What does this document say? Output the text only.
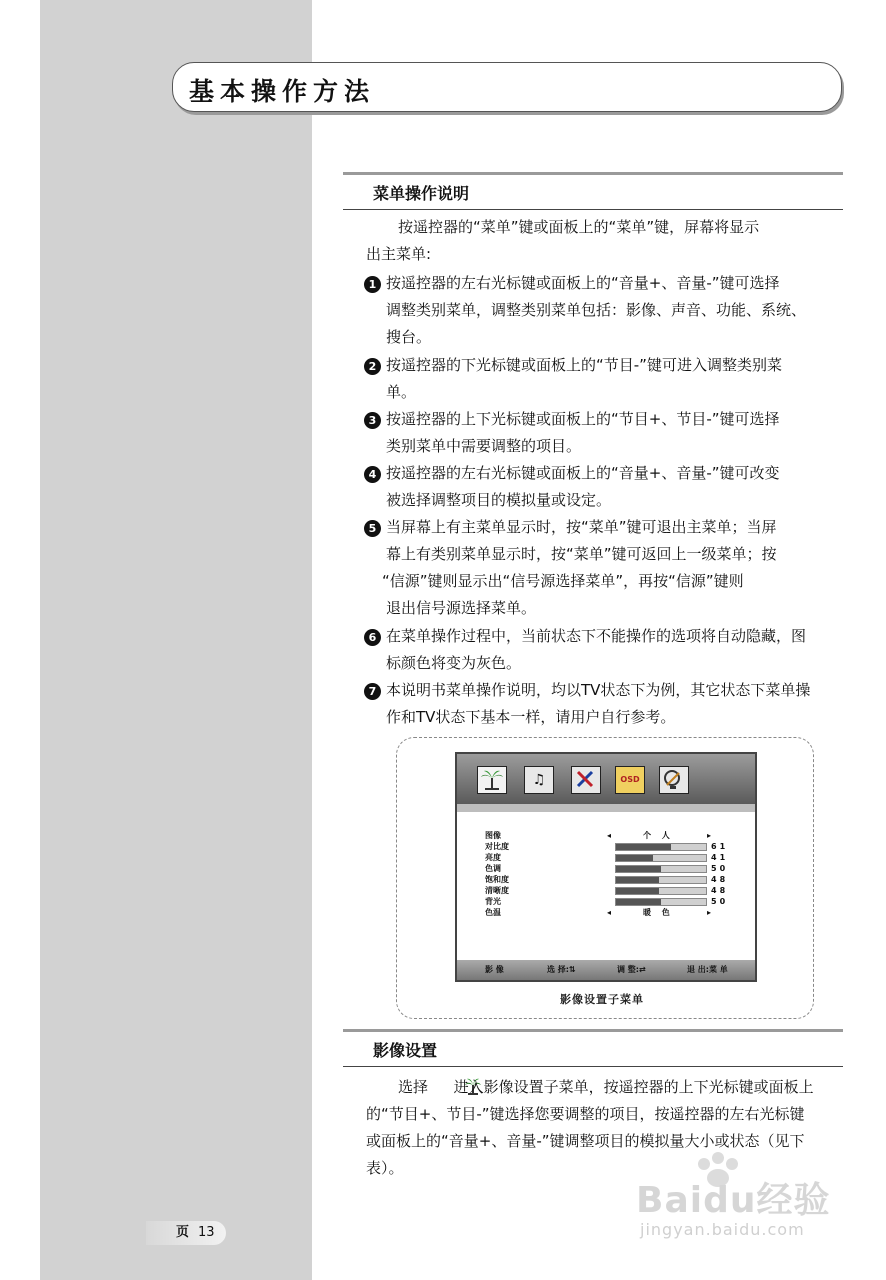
基本操作方法
菜单操作说明
按遥控器的“菜单”键或面板上的“菜单”键，屏幕将显示
出主菜单:
1 按遥控器的左右光标键或面板上的“音量+、音量-”键可选择
调整类别菜单，调整类别菜单包括：影像、声音、功能、系统、
搜台。
2 按遥控器的下光标键或面板上的“节目-”键可进入调整类别菜
单。
3 按遥控器的上下光标键或面板上的“节目+、节目-”键可选择
类别菜单中需要调整的项目。
4 按遥控器的左右光标键或面板上的“音量+、音量-”键可改变
被选择调整项目的模拟量或设定。
5 当屏幕上有主菜单显示时，按“菜单”键可退出主菜单；当屏
幕上有类别菜单显示时，按“菜单”键可返回上一级菜单；按
“信源”键则显示出“信号源选择菜单”，再按“信源”键则
退出信号源选择菜单。
6 在菜单操作过程中，当前状态下不能操作的选项将自动隐藏，图
标颜色将变为灰色。
7 本说明书菜单操作说明，均以TV状态下为例，其它状态下菜单操
作和TV状态下基本一样，请用户自行参考。
♫	OSD
图像	◂	个 人	▸
对比度	61
亮度	41
色调	50
饱和度	48
清晰度	48
背光	50
色温	◂	暖 色	▸
影 像	选 择:⇅	调 整:⇄	退 出:菜 单
影像设置子菜单
影像设置
选择 进入影像设置子菜单，按遥控器的上下光标键或面板上
的“节目+、节目-”键选择您要调整的项目，按遥控器的左右光标键
或面板上的“音量+、音量-”键调整项目的模拟量大小或状态（见下
表）。
Baidu经验
jingyan.baidu.com
页 13
